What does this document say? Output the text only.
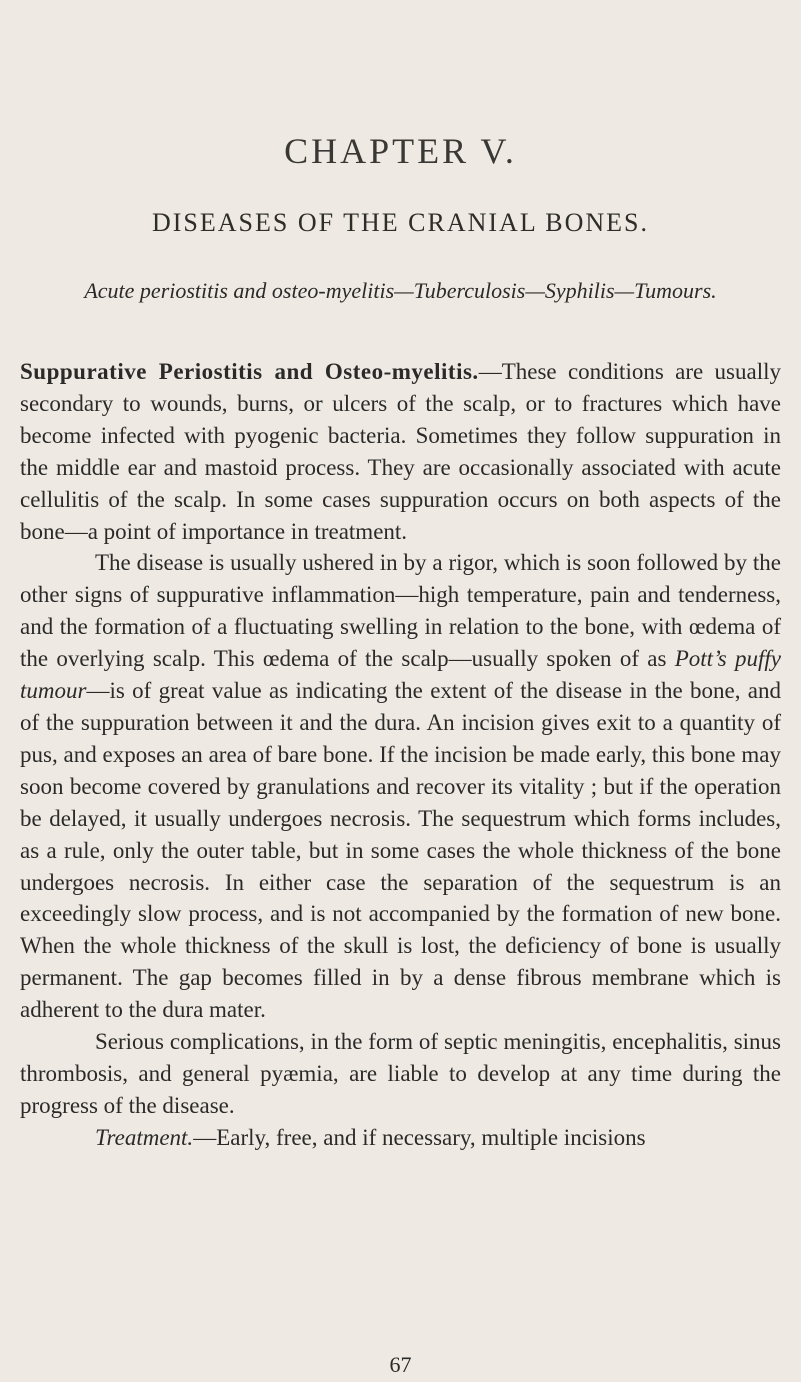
CHAPTER V.
DISEASES OF THE CRANIAL BONES.
Acute periostitis and osteo-myelitis—Tuberculosis—Syphilis—Tumours.

Suppurative Periostitis and Osteo-myelitis.—These conditions are usually secondary to wounds, burns, or ulcers of the scalp, or to fractures which have become infected with pyogenic bacteria. Sometimes they follow suppuration in the middle ear and mastoid process. They are occasionally associated with acute cellulitis of the scalp. In some cases suppuration occurs on both aspects of the bone—a point of importance in treatment.

The disease is usually ushered in by a rigor, which is soon followed by the other signs of suppurative inflammation—high temperature, pain and tenderness, and the formation of a fluctuating swelling in relation to the bone, with œdema of the overlying scalp. This œdema of the scalp—usually spoken of as Pott’s puffy tumour—is of great value as indicating the extent of the disease in the bone, and of the suppuration between it and the dura. An incision gives exit to a quantity of pus, and exposes an area of bare bone. If the incision be made early, this bone may soon become covered by granulations and recover its vitality ; but if the operation be delayed, it usually undergoes necrosis. The sequestrum which forms includes, as a rule, only the outer table, but in some cases the whole thickness of the bone undergoes necrosis. In either case the separation of the sequestrum is an exceedingly slow process, and is not accompanied by the formation of new bone. When the whole thickness of the skull is lost, the deficiency of bone is usually permanent. The gap becomes filled in by a dense fibrous membrane which is adherent to the dura mater.

Serious complications, in the form of septic meningitis, encephalitis, sinus thrombosis, and general pyæmia, are liable to develop at any time during the progress of the disease.

Treatment.—Early, free, and if necessary, multiple incisions

67
